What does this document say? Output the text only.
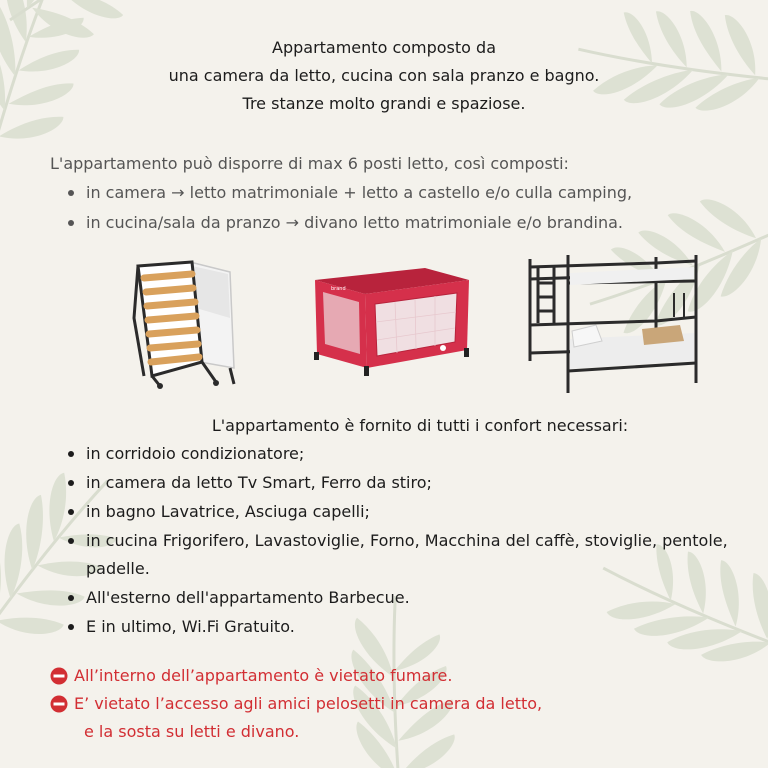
Appartamento composto da
una camera da letto, cucina con sala pranzo e bagno.
Tre stanze molto grandi e spaziose.
L'appartamento può disporre di max 6 posti letto, così composti:
in camera → letto matrimoniale + letto a castello e/o culla camping,
in cucina/sala da pranzo → divano letto matrimoniale e/o brandina.
brand
L'appartamento è fornito di tutti i confort necessari:
in corridoio condizionatore;
in camera da letto Tv Smart, Ferro da stiro;
in bagno Lavatrice, Asciuga capelli;
in cucina Frigorifero, Lavastoviglie, Forno, Macchina del caffè, stoviglie, pentole, padelle.
All'esterno dell'appartamento Barbecue.
E in ultimo, Wi.Fi Gratuito.
All’interno dell’appartamento è vietato fumare.
E’ vietato l’accesso agli amici pelosetti in camera da letto,
e la sosta su letti e divano.
